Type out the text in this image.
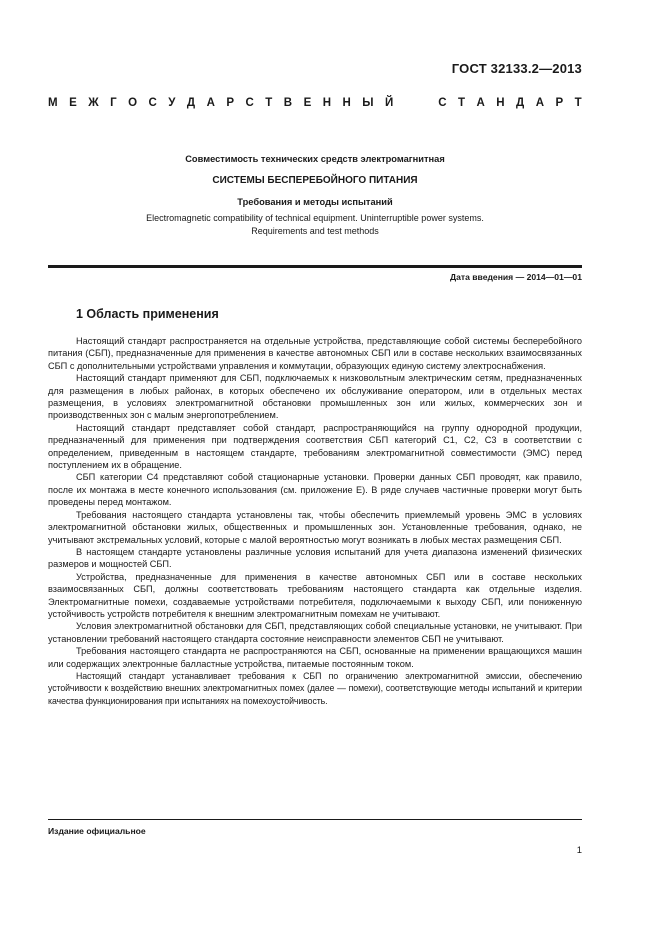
ГОСТ 32133.2—2013
М Е Ж Г О С У Д А Р С Т В Е Н Н Ы Й	С Т А Н Д А Р Т

Совместимость технических средств электромагнитная

СИСТЕМЫ БЕСПЕРЕБОЙНОГО ПИТАНИЯ

Требования и методы испытаний

Electromagnetic compatibility of technical equipment. Uninterruptible power systems.

Requirements and test methods

Дата введения — 2014—01—01
1 Область применения

Настоящий стандарт распространяется на отдельные устройства, представляющие собой системы бесперебойного питания (СБП), предназначенные для применения в качестве автономных СБП или в составе нескольких взаимосвязанных СБП с дополнительными устройствами управления и коммутации, образующих единую систему электроснабжения.

Настоящий стандарт применяют для СБП, подключаемых к низковольтным электрическим сетям, предназначенных для размещения в любых районах, в которых обеспечено их обслуживание оператором, или в отдельных местах размещения, в условиях электромагнитной обстановки промышленных зон или жилых, коммерческих зон и производственных зон с малым энергопотреблением.

Настоящий стандарт представляет собой стандарт, распространяющийся на группу однородной продукции, предназначенный для применения при подтверждения соответствия СБП категорий С1, С2, С3 в соответствии с определением, приведенным в настоящем стандарте, требованиям электромагнитной совместимости (ЭМС) перед поступлением их в обращение.

СБП категории С4 представляют собой стационарные установки. Проверки данных СБП проводят, как правило, после их монтажа в месте конечного использования (см. приложение Е). В ряде случаев частичные проверки могут быть проведены перед монтажом.

Требования настоящего стандарта установлены так, чтобы обеспечить приемлемый уровень ЭМС в условиях электромагнитной обстановки жилых, общественных и промышленных зон. Установленные требования, однако, не учитывают экстремальных условий, которые с малой вероятностью могут возникать в любых местах размещения СБП.

В настоящем стандарте установлены различные условия испытаний для учета диапазона изменений физических размеров и мощностей СБП.

Устройства, предназначенные для применения в качестве автономных СБП или в составе нескольких взаимосвязанных СБП, должны соответствовать требованиям настоящего стандарта как отдельные изделия. Электромагнитные помехи, создаваемые устройствами потребителя, подключаемыми к выходу СБП, или пониженную устойчивость устройств потребителя к внешним электромагнитным помехам не учитывают.

Условия электромагнитной обстановки для СБП, представляющих собой специальные установки, не учитывают. При установлении требований настоящего стандарта состояние неисправности элементов СБП не учитывают.

Требования настоящего стандарта не распространяются на СБП, основанные на применении вращающихся машин или содержащих электронные балластные устройства, питаемые постоянным током.

Настоящий стандарт устанавливает требования к СБП по ограничению электромагнитной эмиссии, обеспечению устойчивости к воздействию внешних электромагнитных помех (далее — помехи), соответствующие методы испытаний и критерии качества функционирования при испытаниях на помехоустойчивость.

Издание официальное
1
